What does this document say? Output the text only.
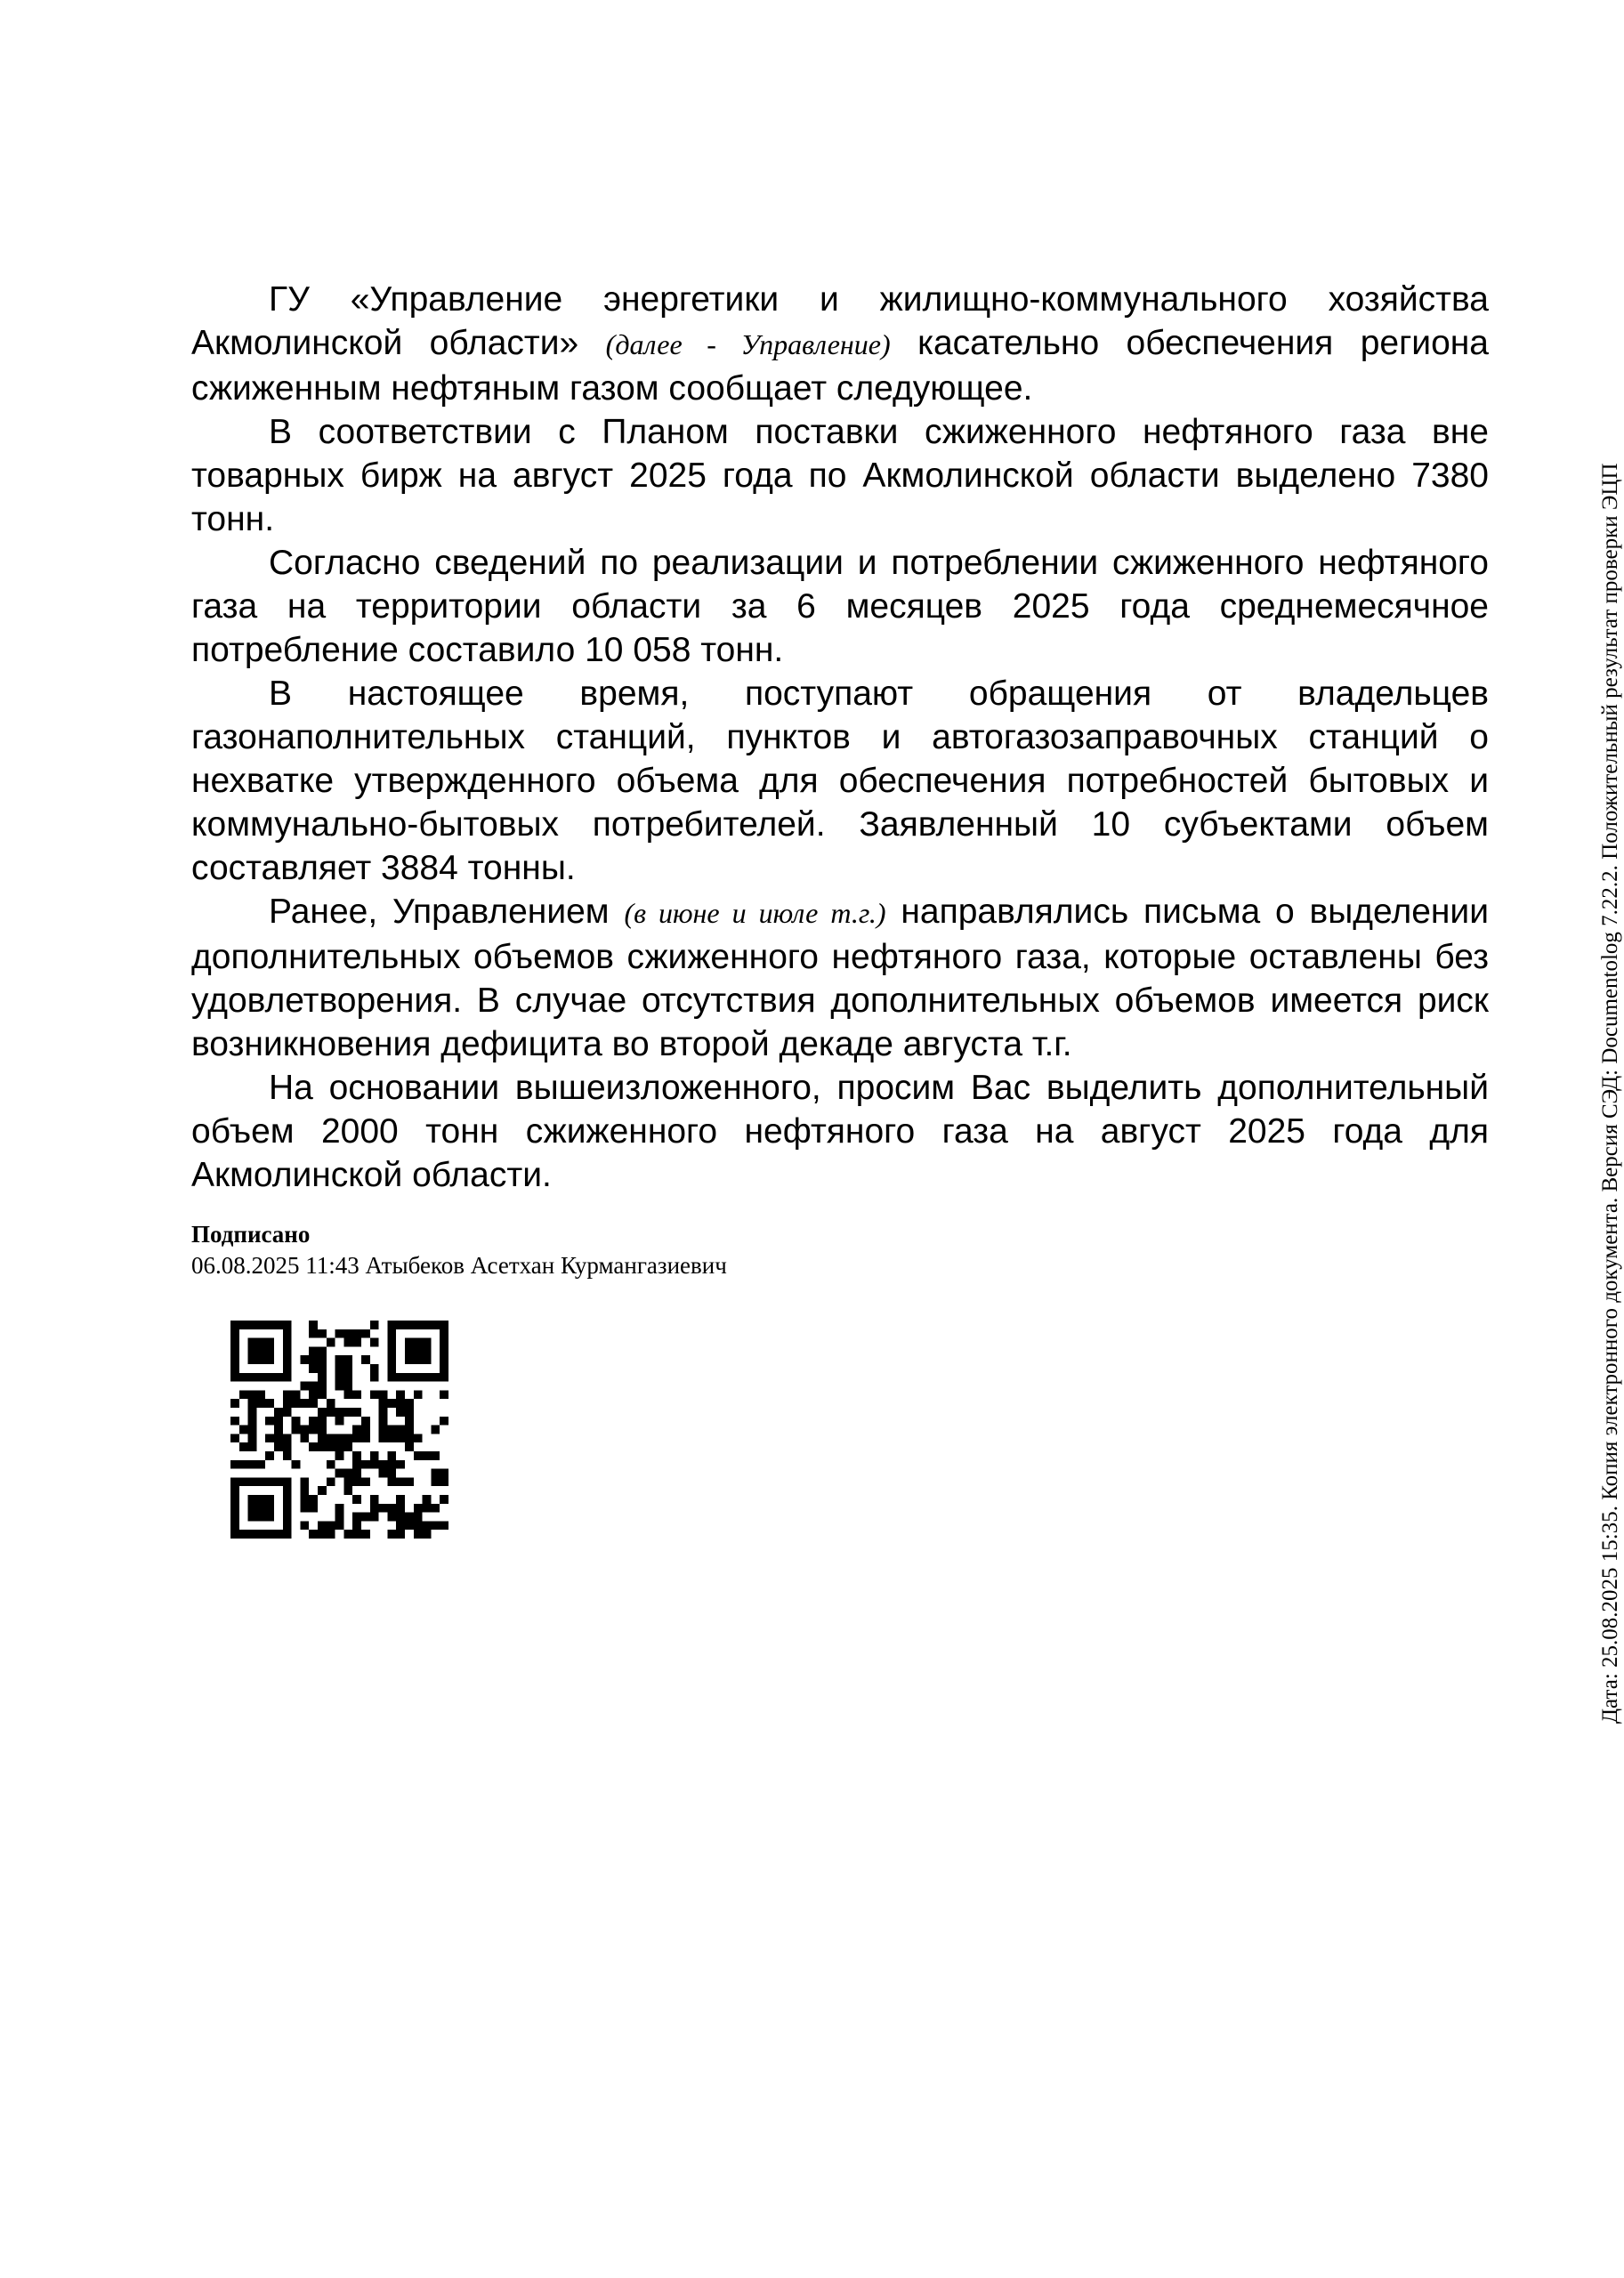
ГУ «Управление энергетики и жилищно-коммунального хозяйства Акмолинской области» (далее - Управление) касательно обеспечения региона сжиженным нефтяным газом сообщает следующее.

В соответствии с Планом поставки сжиженного нефтяного газа вне товарных бирж на август 2025 года по Акмолинской области выделено 7380 тонн.

Согласно сведений по реализации и потреблении сжиженного нефтяного газа на территории области за 6 месяцев 2025 года среднемесячное потребление составило 10 058 тонн.

В настоящее время, поступают обращения от владельцев газонаполнительных станций, пунктов и автогазозаправочных станций о нехватке утвержденного объема для обеспечения потребностей бытовых и коммунально-бытовых потребителей. Заявленный 10 субъектами объем составляет 3884 тонны.

Ранее, Управлением (в июне и июле т.г.) направлялись письма о выделении дополнительных объемов сжиженного нефтяного газа, которые оставлены без удовлетворения. В случае отсутствия дополнительных объемов имеется риск возникновения дефицита во второй декаде августа т.г.

На основании вышеизложенного, просим Вас выделить дополнительный объем 2000 тонн сжиженного нефтяного газа на август 2025 года для Акмолинской области.

Подписано
06.08.2025 11:43 Атыбеков Асетхан Курмангазиевич	Дата: 25.08.2025 15:35. Копия электронного документа. Версия СЭД: Documentolog 7.22.2. Положительный результат проверки ЭЦП
